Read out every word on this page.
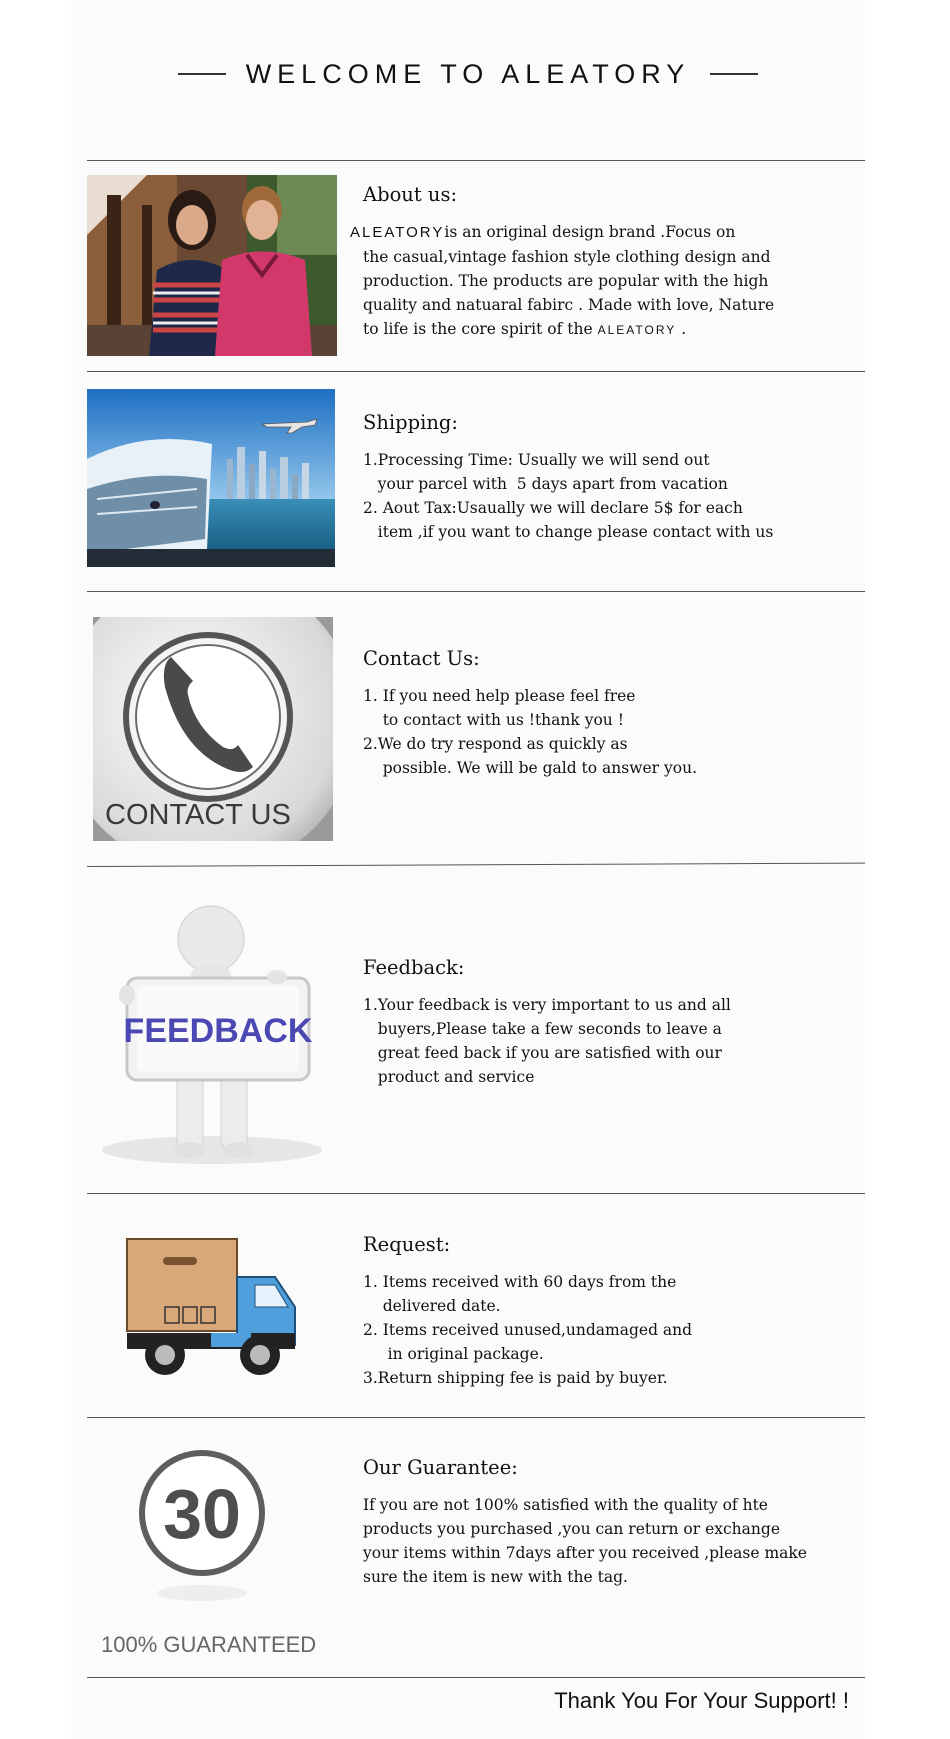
WELCOME TO ALEATORY
About us:
ALEATORYis an original design brand .Focus on
the casual,vintage fashion style clothing design and
production. The products are popular with the high
quality and natuaral fabirc . Made with love, Nature
to life is the core spirit of the ALEATORY .
Shipping:
1.Processing Time: Usually we will send out
your parcel with  5 days apart from vacation
2. Aout Tax:Usaually we will declare 5$ for each
item ,if you want to change please contact with us
CONTACT US
Contact Us:
1. If you need help please feel free
to contact with us !thank you !
2.We do try respond as quickly as
possible. We will be gald to answer you.
FEEDBACK
Feedback:
1.Your feedback is very important to us and all
buyers,Please take a few seconds to leave a
great feed back if you are satisfied with our
product and service
Request:
1. Items received with 60 days from the
delivered date.
2. Items received unused,undamaged and
in original package.
3.Return shipping fee is paid by buyer.
30
Our Guarantee:
If you are not 100% satisfied with the quality of hte
products you purchased ,you can return or exchange
your items within 7days after you received ,please make
sure the item is new with the tag.
100% GUARANTEED
Thank You For Your Support! !
